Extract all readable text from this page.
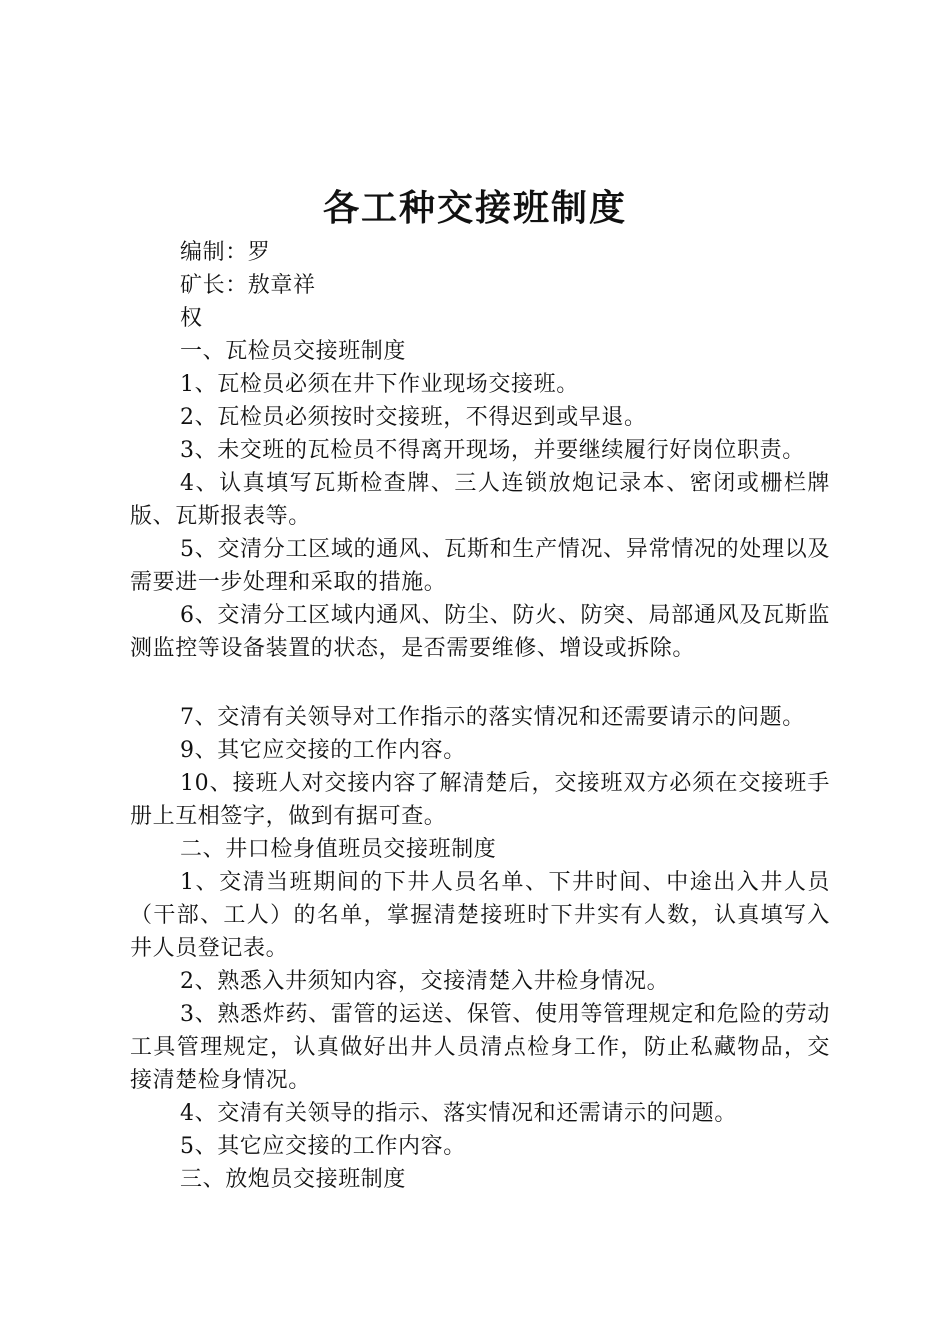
各工种交接班制度

编制：罗

矿长：敖章祥

权

一、瓦检员交接班制度

1、瓦检员必须在井下作业现场交接班。

2、瓦检员必须按时交接班，不得迟到或早退。

3、未交班的瓦检员不得离开现场，并要继续履行好岗位职责。

4、认真填写瓦斯检查牌、三人连锁放炮记录本、密闭或栅栏牌版、瓦斯报表等。

5、交清分工区域的通风、瓦斯和生产情况、异常情况的处理以及需要进一步处理和采取的措施。

6、交清分工区域内通风、防尘、防火、防突、局部通风及瓦斯监测监控等设备装置的状态，是否需要维修、增设或拆除。

7、交清有关领导对工作指示的落实情况和还需要请示的问题。

9、其它应交接的工作内容。

10、接班人对交接内容了解清楚后，交接班双方必须在交接班手册上互相签字，做到有据可查。

二、井口检身值班员交接班制度

1、交清当班期间的下井人员名单、下井时间、中途出入井人员（干部、工人）的名单，掌握清楚接班时下井实有人数，认真填写入井人员登记表。

2、熟悉入井须知内容，交接清楚入井检身情况。

3、熟悉炸药、雷管的运送、保管、使用等管理规定和危险的劳动工具管理规定，认真做好出井人员清点检身工作，防止私藏物品，交接清楚检身情况。

4、交清有关领导的指示、落实情况和还需请示的问题。

5、其它应交接的工作内容。

三、放炮员交接班制度
